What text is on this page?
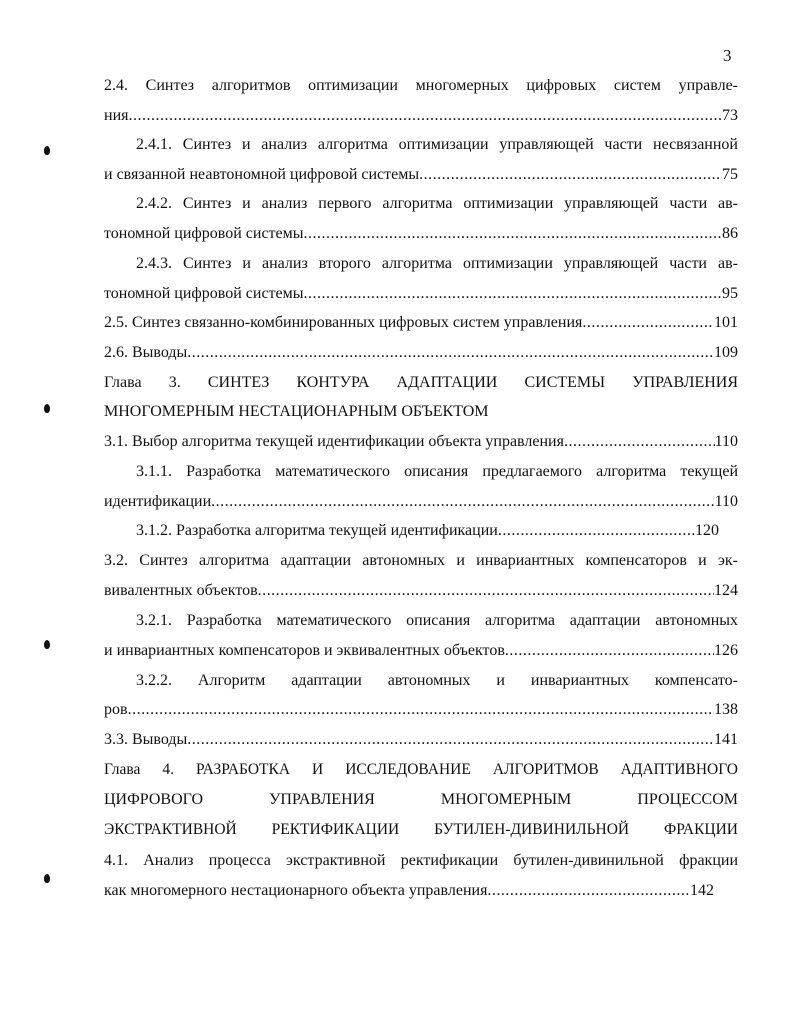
3
2.4. Синтез алгоритмов оптимизации многомерных цифровых систем управле-
ния .....	73
2.4.1. Синтез и анализ алгоритма оптимизации управляющей части несвязанной
и связанной неавтономной цифровой системы .....	75
2.4.2. Синтез и анализ первого алгоритма оптимизации управляющей части ав-
тономной цифровой системы .....	86
2.4.3. Синтез и анализ второго алгоритма оптимизации управляющей части ав-
тономной цифровой системы .....	95
2.5. Синтез связанно-комбинированных цифровых систем управления .....	101
2.6. Выводы .....	109
Глава 3. СИНТЕЗ КОНТУРА АДАПТАЦИИ СИСТЕМЫ УПРАВЛЕНИЯ
МНОГОМЕРНЫМ НЕСТАЦИОНАРНЫМ ОБЪЕКТОМ
3.1. Выбор алгоритма текущей идентификации объекта управления .....	110
3.1.1. Разработка математического описания предлагаемого алгоритма текущей
идентификации .....	110
3.1.2. Разработка алгоритма текущей идентификации .....	120
3.2. Синтез алгоритма адаптации автономных и инвариантных компенсаторов и эк-
вивалентных объектов .....	124
3.2.1. Разработка математического описания алгоритма адаптации автономных
и инвариантных компенсаторов и эквивалентных объектов .....	126
3.2.2. Алгоритм адаптации автономных и инвариантных компенсато-
ров .....	138
3.3. Выводы .....	141
Глава 4. РАЗРАБОТКА И ИССЛЕДОВАНИЕ АЛГОРИТМОВ АДАПТИВНОГО
ЦИФРОВОГО УПРАВЛЕНИЯ МНОГОМЕРНЫМ ПРОЦЕССОМ
ЭКСТРАКТИВНОЙ РЕКТИФИКАЦИИ БУТИЛЕН-ДИВИНИЛЬНОЙ ФРАКЦИИ
4.1. Анализ процесса экстрактивной ректификации бутилен-дивинильной фракции
как многомерного нестационарного объекта управления .....	142
